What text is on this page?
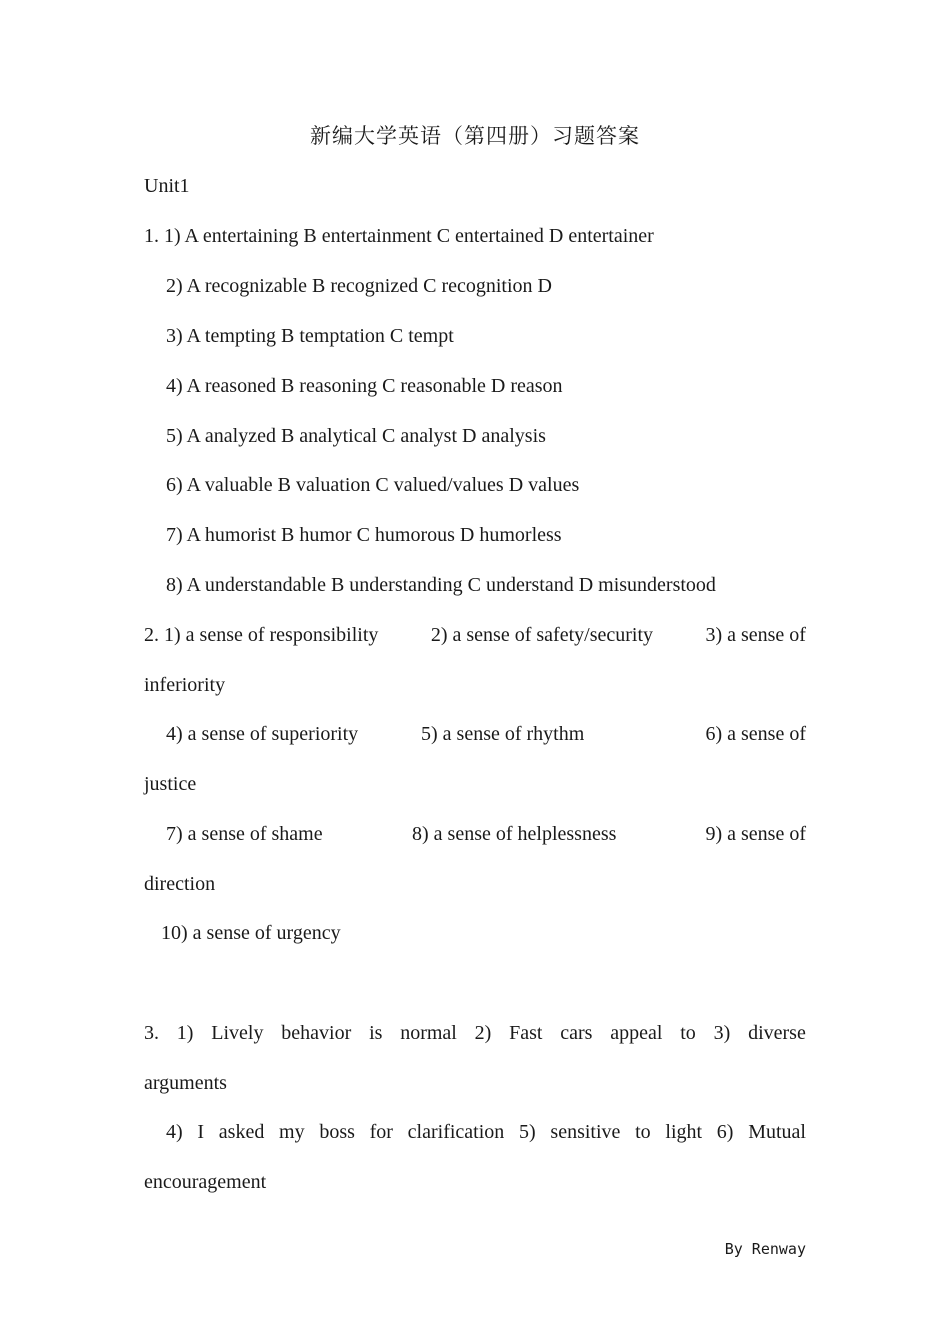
新编大学英语（第四册）习题答案
Unit1
1. 1) A entertaining B entertainment C entertained D entertainer
2) A recognizable B recognized C recognition D
3) A tempting B temptation C tempt
4) A reasoned B reasoning C reasonable D reason
5) A analyzed B analytical C analyst D analysis
6) A valuable B valuation C valued/values D values
7) A humorist B humor C humorous D humorless
8) A understandable B understanding C understand D misunderstood
2. 1) a sense of responsibility	2) a sense of safety/security	3) a sense of
inferiority
4) a sense of superiority	5) a sense of rhythm	6) a sense of
justice
7) a sense of shame	8) a sense of helplessness	9) a sense of
direction
10) a sense of urgency
3. 1) Lively behavior is normal 2) Fast cars appeal to 3) diverse
arguments
4) I asked my boss for clarification 5) sensitive to light 6) Mutual
encouragement
By Renway
